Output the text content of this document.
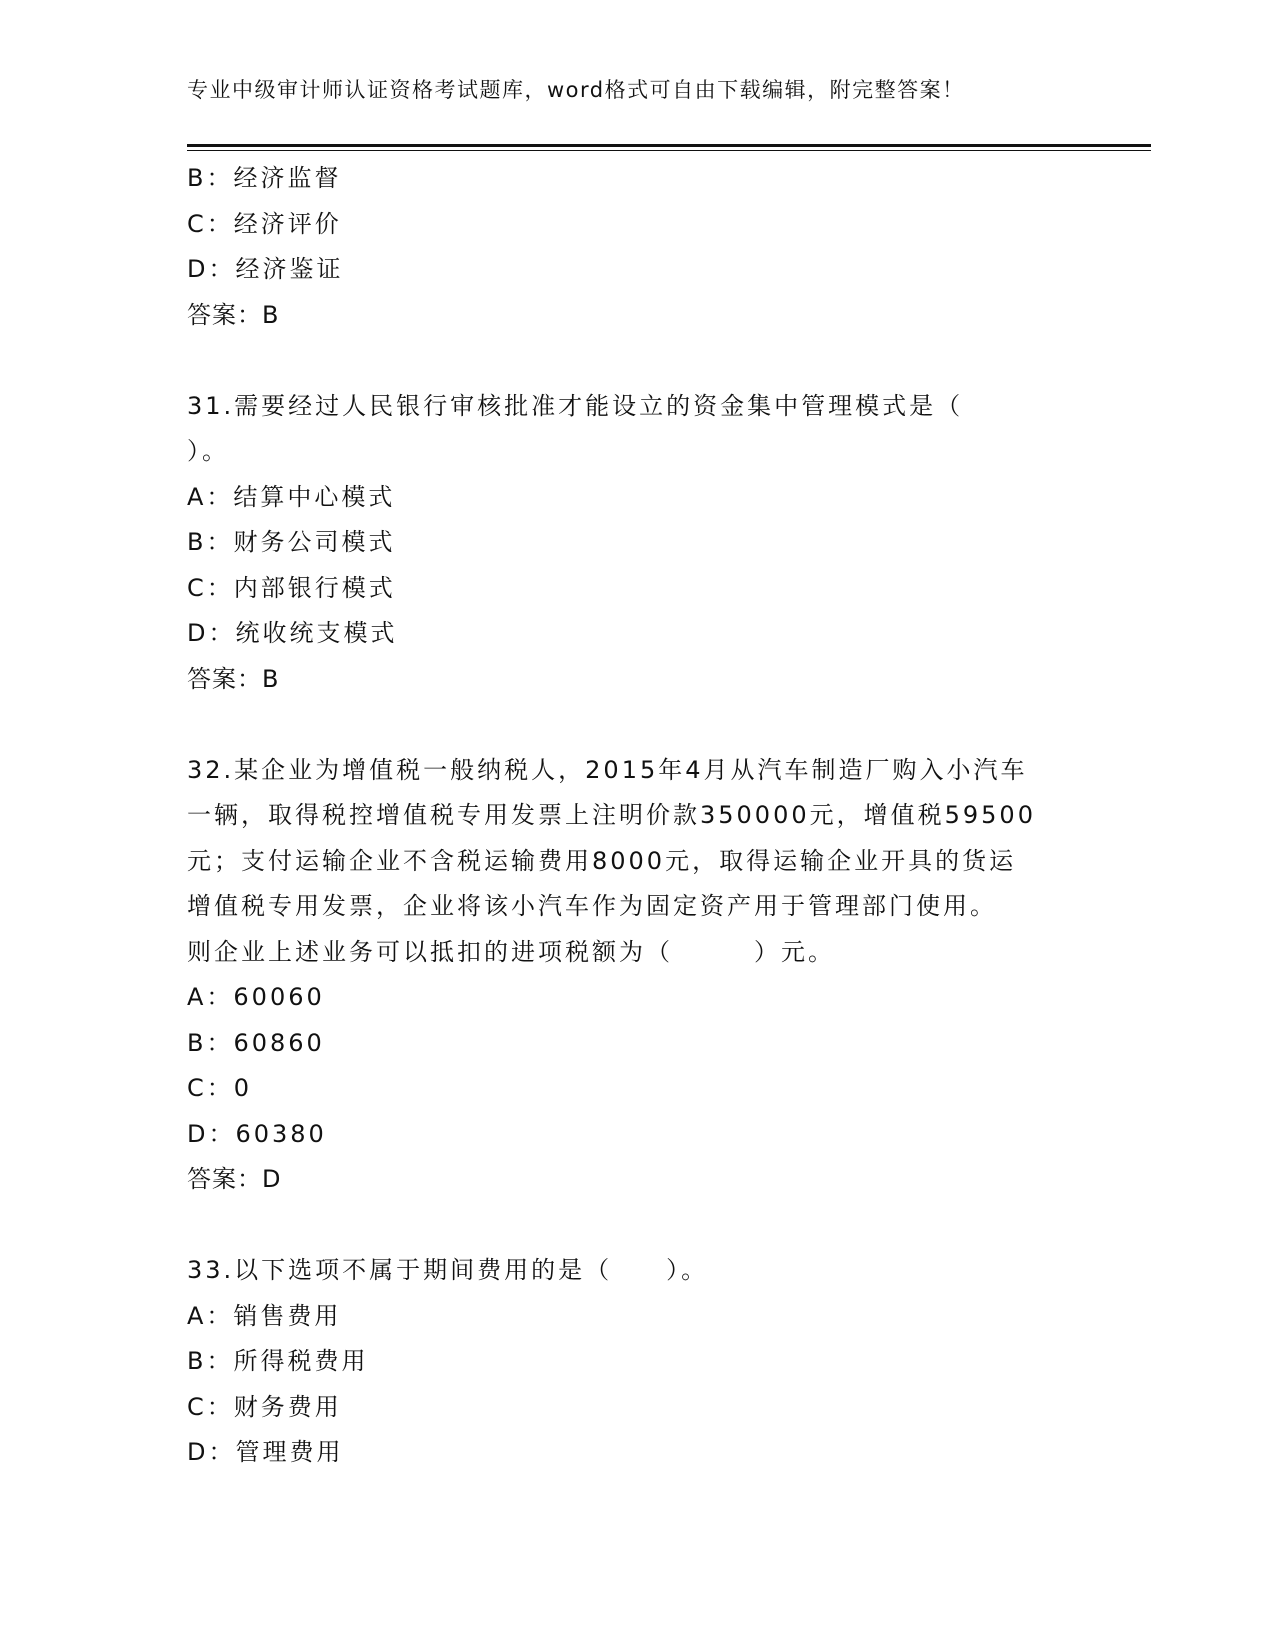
专业中级审计师认证资格考试题库，word格式可自由下载编辑，附完整答案！
B：经济监督
C：经济评价
D：经济鉴证
答案：B
31.需要经过人民银行审核批准才能设立的资金集中管理模式是（
）。
A：结算中心模式
B：财务公司模式
C：内部银行模式
D：统收统支模式
答案：B
32.某企业为增值税一般纳税人，2015年4月从汽车制造厂购入小汽车
一辆，取得税控增值税专用发票上注明价款350000元，增值税59500
元；支付运输企业不含税运输费用8000元，取得运输企业开具的货运
增值税专用发票，企业将该小汽车作为固定资产用于管理部门使用。
则企业上述业务可以抵扣的进项税额为（　　　）元。
A：60060
B：60860
C：0
D：60380
答案：D
33.以下选项不属于期间费用的是（　　）。
A：销售费用
B：所得税费用
C：财务费用
D：管理费用
